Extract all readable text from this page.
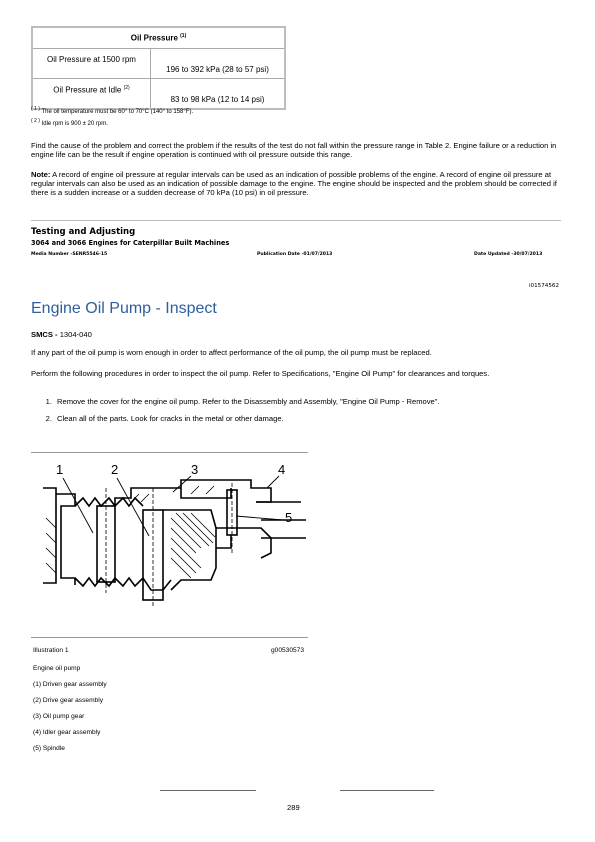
Oil Pressure $^{(1)}$
Oil Pressure at 1500 rpm	196 to 392 kPa (28 to 57 psi)
Oil Pressure at Idle $^{(2)}$	83 to 98 kPa (12 to 14 psi)
$^{( 1 )}$ The oil temperature must be 60° to 70°C (140° to 158°F).
$^{( 2 )}$ Idle rpm is 900 ± 20 rpm.
Find the cause of the problem and correct the problem if the results of the test do not fall within the pressure range in Table 2. Engine failure or a reduction in engine life can be the result if engine operation is continued with oil pressure outside this range.
Note: A record of engine oil pressure at regular intervals can be used as an indication of possible problems of the engine. A record of engine oil pressure at regular intervals can also be used as an indication of possible damage to the engine. The engine should be inspected and the problem should be corrected if there is a sudden increase or a sudden decrease of 70 kPa (10 psi) in oil pressure.
Testing and Adjusting
3064 and 3066 Engines for Caterpillar Built Machines
Media Number -SENR5546-15	Publication Date -01/07/2013	Date Updated -30/07/2013
i01574562
Engine Oil Pump - Inspect
SMCS - 1304-040
If any part of the oil pump is worn enough in order to affect performance of the oil pump, the oil pump must be replaced.
Perform the following procedures in order to inspect the oil pump. Refer to Specifications, "Engine Oil Pump" for clearances and torques.
1. Remove the cover for the engine oil pump. Refer to the Disassembly and Assembly, "Engine Oil Pump - Remove".
2. Clean all of the parts. Look for cracks in the metal or other damage.
1	2	3	4
5
Illustration 1	g00530573
Engine oil pump
(1) Driven gear assembly
(2) Drive gear assembly
(3) Oil pump gear
(4) Idler gear assembly
(5) Spindle
289
